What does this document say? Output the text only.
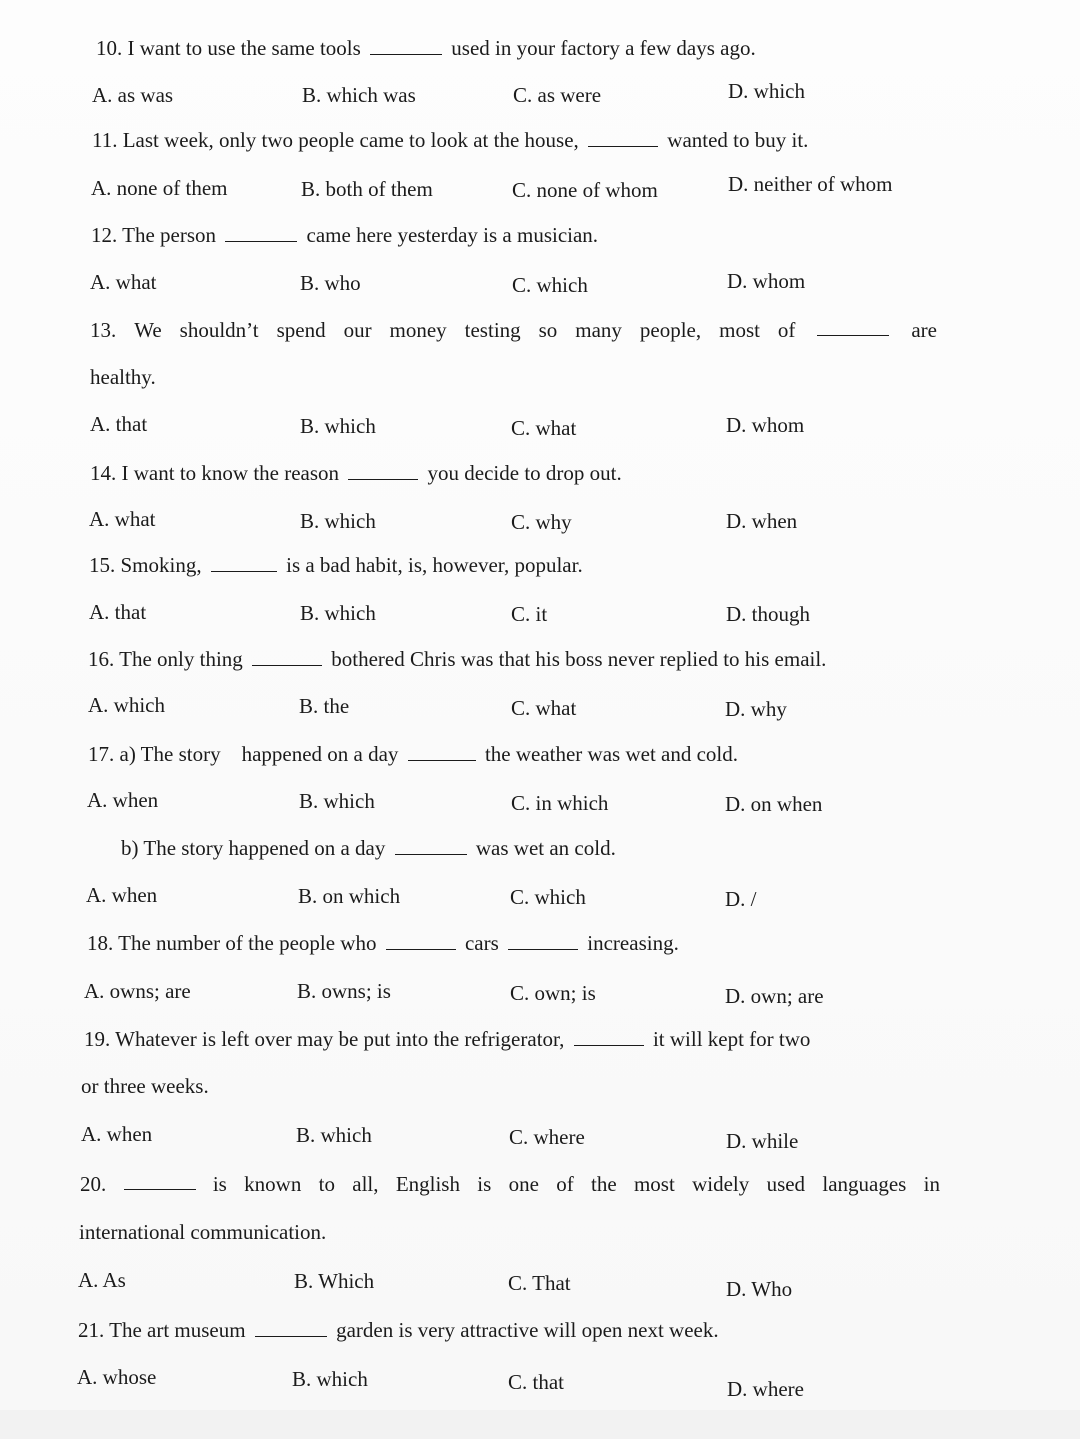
10. I want to use the same tools	used in your factory a few days ago.
A. as was	B. which was	C. as were	D. which
11. Last week, only two people came to look at the house,	wanted to buy it.
A. none of them	B. both of them	C. none of whom	D. neither of whom
12. The person	came here yesterday is a musician.
A. what	B. who	C. which	D. whom
13. We shouldn’t spend our money testing so many people, most of	are
healthy.
A. that	B. which	C. what	D. whom
14. I want to know the reason	you decide to drop out.
A. what	B. which	C. why	D. when
15. Smoking,	is a bad habit, is, however, popular.
A. that	B. which	C. it	D. though
16. The only thing	bothered Chris was that his boss never replied to his email.
A. which	B. the	C. what	D. why
17. a) The story    happened on a day	the weather was wet and cold.
A. when	B. which	C. in which	D. on when
b) The story happened on a day	was wet an cold.
A. when	B. on which	C. which	D. /
18. The number of the people who	cars	increasing.
A. owns; are	B. owns; is	C. own; is	D. own; are
19. Whatever is left over may be put into the refrigerator,	it will kept for two
or three weeks.
A. when	B. which	C. where	D. while
20.	is known to all, English is one of the most widely used languages in
international communication.
A. As	B. Which	C. That	D. Who
21. The art museum	garden is very attractive will open next week.
A. whose	B. which	C. that	D. where
